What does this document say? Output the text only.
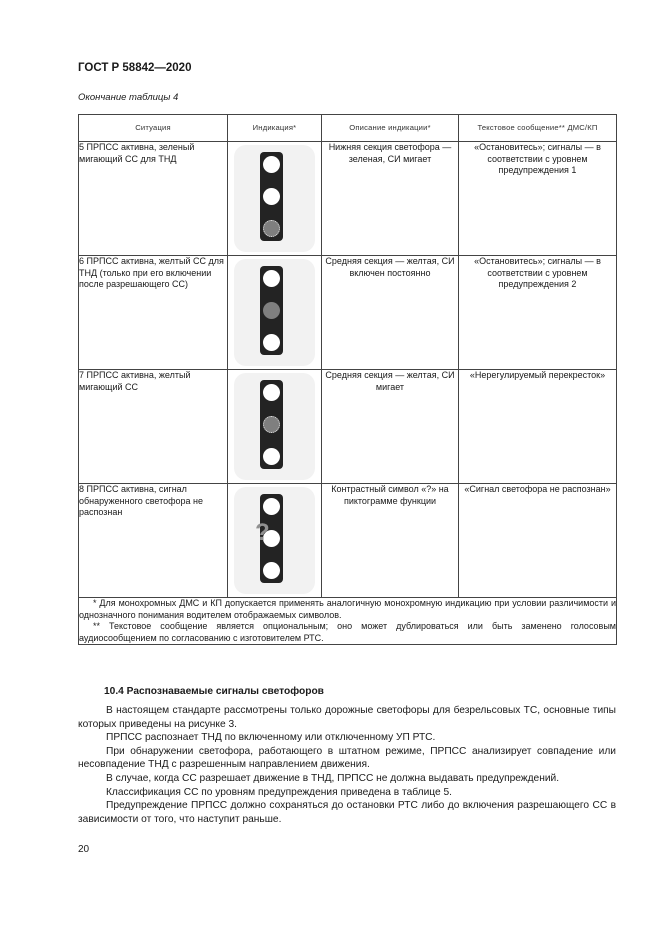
ГОСТ Р 58842—2020
Окончание таблицы 4
Ситуация	Индикация*	Описание индикации*	Текстовое сообщение** ДМС/КП
5 ПРПСС активна, зеленый мигающий СС для ТНД		Нижняя секция светофора — зеленая, СИ мигает	«Остановитесь»; сигналы — в соответствии с уровнем предупреждения 1
6 ПРПСС активна, желтый СС для ТНД (только при его включении после разрешающего СС)		Средняя секция — желтая, СИ включен постоянно	«Остановитесь»; сигналы — в соответствии с уровнем предупреждения 2
7 ПРПСС активна, желтый мигающий СС		Средняя секция — желтая, СИ мигает	«Нерегулируемый перекресток»
8 ПРПСС активна, сигнал обнаруженного светофора не распознан	?	Контрастный символ «?» на пиктограмме функции	«Сигнал светофора не распознан»

* Для монохромных ДМС и КП допускается применять аналогичную монохромную индикацию при условии различимости и однозначного понимания водителем отображаемых символов.

** Текстовое сообщение является опциональным; оно может дублироваться или быть заменено голосовым аудиосообщением по согласованию с изготовителем РТС.			

10.4 Распознаваемые сигналы светофоров

В настоящем стандарте рассмотрены только дорожные светофоры для безрельсовых ТС, основные типы которых приведены на рисунке 3.

ПРПСС распознает ТНД по включенному или отключенному УП РТС.

При обнаружении светофора, работающего в штатном режиме, ПРПСС анализирует совпадение или несовпадение ТНД с разрешенным направлением движения.

В случае, когда СС разрешает движение в ТНД, ПРПСС не должна выдавать предупреждений.

Классификация СС по уровням предупреждения приведена в таблице 5.

Предупреждение ПРПСС должно сохраняться до остановки РТС либо до включения разрешающего СС в зависимости от того, что наступит раньше.

20
